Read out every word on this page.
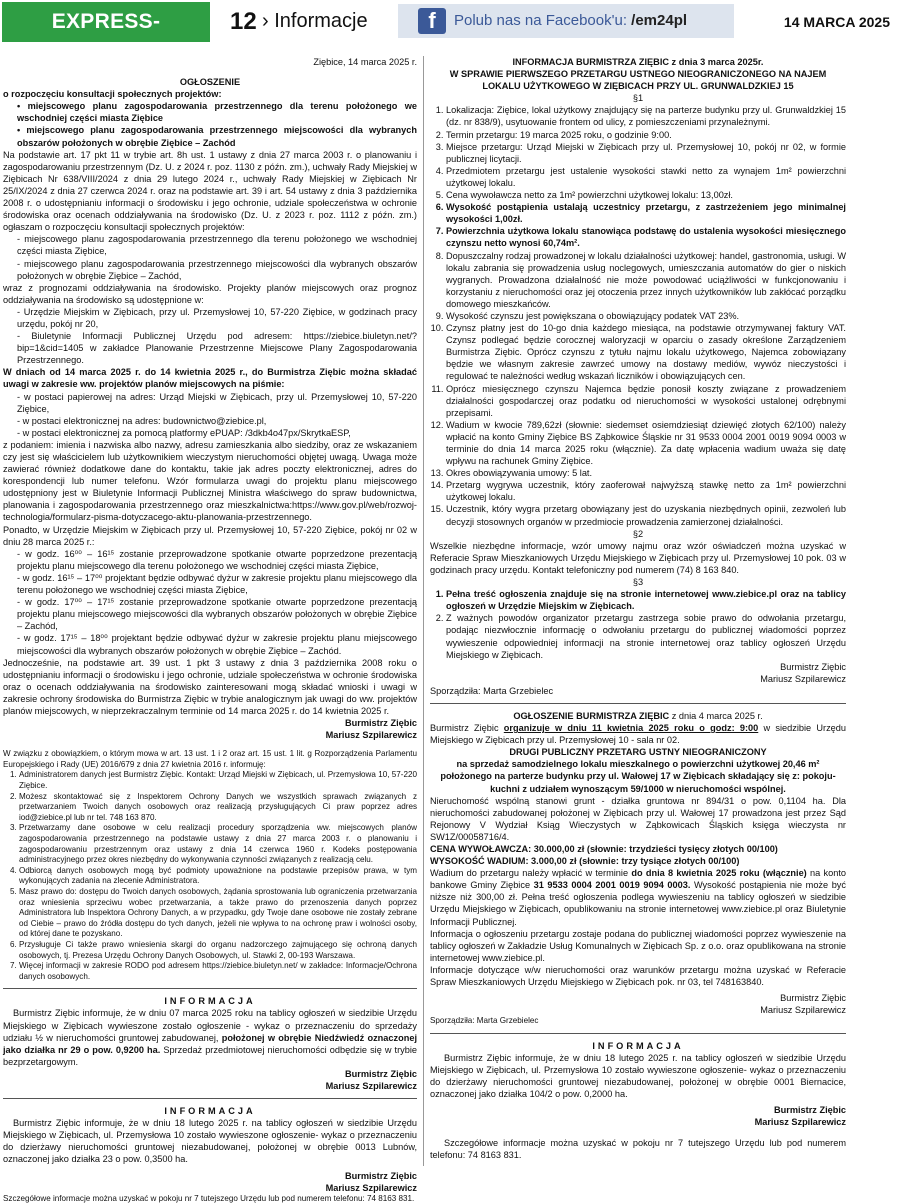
EXPRESS-MIEJSKI.PL
12 › Informacje	f	Polub nas na Facebook'u: /em24pl	14 MARCA 2025

Ziębice, 14 marca 2025 r.

OGŁOSZENIE

o rozpoczęciu konsultacji społecznych projektów:

• miejscowego planu zagospodarowania przestrzennego dla terenu położonego we wschodniej części miasta Ziębice

• miejscowego planu zagospodarowania przestrzennego miejscowości dla wybranych obszarów położonych w obrębie Ziębice – Zachód

Na podstawie art. 17 pkt 11 w trybie art. 8h ust. 1 ustawy z dnia 27 marca 2003 r. o planowaniu i zagospodarowaniu przestrzennym (Dz. U. z 2024 r. poz. 1130 z późn. zm.), uchwały Rady Miejskiej w Ziębicach Nr 638/VIII/2024 z dnia 29 lutego 2024 r., uchwały Rady Miejskiej w Ziębicach Nr 25/IX/2024 z dnia 27 czerwca 2024 r. oraz na podstawie art. 39 i art. 54 ustawy z dnia 3 października 2008 r. o udostępnianiu informacji o środowisku i jego ochronie, udziale społeczeństwa w ochronie środowiska oraz ocenach oddziaływania na środowisko (Dz. U. z 2023 r. poz. 1112 z późn. zm.) ogłaszam o rozpoczęciu konsultacji społecznych projektów:

- miejscowego planu zagospodarowania przestrzennego dla terenu położonego we wschodniej części miasta Ziębice,

- miejscowego planu zagospodarowania przestrzennego miejscowości dla wybranych obszarów położonych w obrębie Ziębice – Zachód,

wraz z prognozami oddziaływania na środowisko. Projekty planów miejscowych oraz prognoz oddziaływania na środowisko są udostępnione w:

- Urzędzie Miejskim w Ziębicach, przy ul. Przemysłowej 10, 57-220 Ziębice, w godzinach pracy urzędu, pokój nr 20,

- Biuletynie Informacji Publicznej Urzędu pod adresem: https://ziebice.biuletyn.net/?bip=1&cid=1405 w zakładce Planowanie Przestrzenne Miejscowe Plany Zagospodarowania Przestrzennego.

W dniach od 14 marca 2025 r. do 14 kwietnia 2025 r., do Burmistrza Ziębic można składać uwagi w zakresie ww. projektów planów miejscowych na piśmie:

- w postaci papierowej na adres: Urząd Miejski w Ziębicach, przy ul. Przemysłowej 10, 57-220 Ziębice,

- w postaci elektronicznej na adres: budownictwo@ziebice.pl,

- w postaci elektronicznej za pomocą platformy ePUAP: /3dkb4o47px/SkrytkaESP,

z podaniem: imienia i nazwiska albo nazwy, adresu zamieszkania albo siedziby, oraz ze wskazaniem czy jest się właścicielem lub użytkownikiem wieczystym nieruchomości objętej uwagą. Uwaga może zawierać również dodatkowe dane do kontaktu, takie jak adres poczty elektronicznej, adres do korespondencji lub numer telefonu. Wzór formularza uwagi do projektu planu miejscowego udostępniony jest w Biuletynie Informacji Publicznej Ministra właściwego do spraw budownictwa, planowania i zagospodarowania przestrzennego oraz mieszkalnictwa:https://www.gov.pl/web/rozwoj-technologia/formularz-pisma-dotyczacego-aktu-planowania-przestrzennego.

Ponadto, w Urzędzie Miejskim w Ziębicach przy ul. Przemysłowej 10, 57-220 Ziębice, pokój nr 02 w dniu 28 marca 2025 r.:

- w godz. 16⁰⁰ – 16¹⁵ zostanie przeprowadzone spotkanie otwarte poprzedzone prezentacją projektu planu miejscowego dla terenu położonego we wschodniej części miasta Ziębice,

- w godz. 16¹⁵ – 17⁰⁰ projektant będzie odbywać dyżur w zakresie projektu planu miejscowego dla terenu położonego we wschodniej części miasta Ziębice,

- w godz. 17⁰⁰ – 17¹⁵ zostanie przeprowadzone spotkanie otwarte poprzedzone prezentacją projektu planu miejscowego miejscowości dla wybranych obszarów położonych w obrębie Ziębice – Zachód,

- w godz. 17¹⁵ – 18⁰⁰ projektant będzie odbywać dyżur w zakresie projektu planu miejscowego miejscowości dla wybranych obszarów położonych w obrębie Ziębice – Zachód.

Jednocześnie, na podstawie art. 39 ust. 1 pkt 3 ustawy z dnia 3 października 2008 roku o udostępnianiu informacji o środowisku i jego ochronie, udziale społeczeństwa w ochronie środowiska oraz o ocenach oddziaływania na środowisko zainteresowani mogą składać wnioski i uwagi w zakresie ochrony środowiska do Burmistrza Ziębic w trybie analogicznym jak uwagi do ww. projektów planów miejscowych, w nieprzekraczalnym terminie od 14 marca 2025 r. do 14 kwietnia 2025 r.

Burmistrz Ziębic

Mariusz Szpilarewicz

W związku z obowiązkiem, o którym mowa w art. 13 ust. 1 i 2 oraz art. 15 ust. 1 lit. g Rozporządzenia Parlamentu Europejskiego i Rady (UE) 2016/679 z dnia 27 kwietnia 2016 r. informuję:

1. Administratorem danych jest Burmistrz Ziębic. Kontakt: Urząd Miejski w Ziębicach, ul. Przemysłowa 10, 57-220 Ziębice.
2. Możesz skontaktować się z Inspektorem Ochrony Danych we wszystkich sprawach związanych z przetwarzaniem Twoich danych osobowych oraz realizacją przysługujących Ci praw poprzez adres iod@ziebice.pl lub nr tel. 748 163 870.
3. Przetwarzamy dane osobowe w celu realizacji procedury sporządzenia ww. miejscowych planów zagospodarowania przestrzennego na podstawie ustawy z dnia 27 marca 2003 r. o planowaniu i zagospodarowaniu przestrzennym oraz ustawy z dnia 14 czerwca 1960 r. Kodeks postępowania administracyjnego przez okres niezbędny do wykonywania czynności związanych z realizacją celu.
4. Odbiorcą danych osobowych mogą być podmioty upoważnione na podstawie przepisów prawa, w tym wykonujących zadania na zlecenie Administratora.
5. Masz prawo do: dostępu do Twoich danych osobowych, żądania sprostowania lub ograniczenia przetwarzania oraz wniesienia sprzeciwu wobec przetwarzania, a także prawo do przenoszenia danych poprzez Administratora lub Inspektora Ochrony Danych, a w przypadku, gdy Twoje dane osobowe nie zostały zebrane od Ciebie – prawo do źródła dostępu do tych danych, jeżeli nie wpływa to na ochronę praw i wolności osoby, od której dane te pozyskano.
6. Przysługuje Ci także prawo wniesienia skargi do organu nadzorczego zajmującego się ochroną danych osobowych, tj. Prezesa Urzędu Ochrony Danych Osobowych, ul. Stawki 2, 00-193 Warszawa.
7. Więcej informacji w zakresie RODO pod adresem https://ziebice.biuletyn.net/ w zakładce: Informacje/Ochrona danych osobowych.

INFORMACJA

Burmistrz Ziębic informuje, że w dniu 07 marca 2025 roku na tablicy ogłoszeń w siedzibie Urzędu Miejskiego w Ziębicach wywieszone zostało ogłoszenie - wykaz o przeznaczeniu do sprzedaży udziału ½ w nieruchomości gruntowej zabudowanej, położonej w obrębie Niedźwiedź oznaczonej jako działka nr 29 o pow. 0,9200 ha. Sprzedaż przedmiotowej nieruchomości odbędzie się w trybie bezprzetargowym.

Burmistrz Ziębic

Mariusz Szpilarewicz

INFORMACJA

Burmistrz Ziębic informuje, że w dniu 18 lutego 2025 r. na tablicy ogłoszeń w siedzibie Urzędu Miejskiego w Ziębicach, ul. Przemysłowa 10 zostało wywieszone ogłoszenie- wykaz o przeznaczeniu do dzierżawy nieruchomości gruntowej niezabudowanej, położonej w obrębie 0013 Lubnów, oznaczonej jako działka 23 o pow. 0,3500 ha.

Burmistrz Ziębic

Mariusz Szpilarewicz

Szczegółowe informacje można uzyskać w pokoju nr 7 tutejszego Urzędu lub pod numerem telefonu: 74 8163 831.

INFORMACJA BURMISTRZA ZIĘBIC z dnia 3 marca 2025r.

W SPRAWIE PIERWSZEGO PRZETARGU USTNEGO NIEOGRANICZONEGO NA NAJEM LOKALU UŻYTKOWEGO W ZIĘBICACH PRZY UL. GRUNWALDZKIEJ 15

§1

1. Lokalizacja: Ziębice, lokal użytkowy znajdujący się na parterze budynku przy ul. Grunwaldzkiej 15 (dz. nr 838/9), usytuowanie frontem od ulicy, z pomieszczeniami przynależnymi.
2. Termin przetargu: 19 marca 2025 roku, o godzinie 9:00.
3. Miejsce przetargu: Urząd Miejski w Ziębicach przy ul. Przemysłowej 10, pokój nr 02, w formie publicznej licytacji.
4. Przedmiotem przetargu jest ustalenie wysokości stawki netto za wynajem 1m² powierzchni użytkowej lokalu.
5. Cena wywoławcza netto za 1m² powierzchni użytkowej lokalu: 13,00zł.
6. Wysokość postąpienia ustalają uczestnicy przetargu, z zastrzeżeniem jego minimalnej wysokości 1,00zł.
7. Powierzchnia użytkowa lokalu stanowiąca podstawę do ustalenia wysokości miesięcznego czynszu netto wynosi 60,74m².
8. Dopuszczalny rodzaj prowadzonej w lokalu działalności użytkowej: handel, gastronomia, usługi. W lokalu zabrania się prowadzenia usług noclegowych, umieszczania automatów do gier o niskich wygranych. Prowadzona działalność nie może powodować uciążliwości w funkcjonowaniu i korzystaniu z nieruchomości oraz jej otoczenia przez innych użytkowników lub zakłócać porządku domowego mieszkańców.
9. Wysokość czynszu jest powiększana o obowiązujący podatek VAT 23%.
10. Czynsz płatny jest do 10-go dnia każdego miesiąca, na podstawie otrzymywanej faktury VAT. Czynsz podlegać będzie corocznej waloryzacji w oparciu o zasady określone Zarządzeniem Burmistrza Ziębic. Oprócz czynszu z tytułu najmu lokalu użytkowego, Najemca zobowiązany będzie we własnym zakresie zawrzeć umowy na dostawy mediów, wywóz nieczystości i regulować te należności według wskazań liczników i obowiązujących cen.
11. Oprócz miesięcznego czynszu Najemca będzie ponosił koszty związane z prowadzeniem działalności gospodarczej oraz podatku od nieruchomości w wysokości ustalonej odrębnymi przepisami.
12. Wadium w kwocie 789,62zł (słownie: siedemset osiemdziesiąt dziewięć złotych 62/100) należy wpłacić na konto Gminy Ziębice BS Ząbkowice Śląskie nr 31 9533 0004 2001 0019 9094 0003 w terminie do dnia 14 marca 2025 roku (włącznie). Za datę wpłacenia wadium uważa się datę wpływu na rachunek Gminy Ziębice.
13. Okres obowiązywania umowy: 5 lat.
14. Przetarg wygrywa uczestnik, który zaoferował najwyższą stawkę netto za 1m² powierzchni użytkowej lokalu.
15. Uczestnik, który wygra przetarg obowiązany jest do uzyskania niezbędnych opinii, zezwoleń lub decyzji stosownych organów w przedmiocie prowadzenia zamierzonej działalności.

§2

Wszelkie niezbędne informacje, wzór umowy najmu oraz wzór oświadczeń można uzyskać w Referacie Spraw Mieszkaniowych Urzędu Miejskiego w Ziębicach przy ul. Przemysłowej 10 pok. 03 w godzinach pracy urzędu. Kontakt telefoniczny pod numerem (74) 8 163 840.

§3

1. Pełna treść ogłoszenia znajduje się na stronie internetowej www.ziebice.pl oraz na tablicy ogłoszeń w Urzędzie Miejskim w Ziębicach.
2. Z ważnych powodów organizator przetargu zastrzega sobie prawo do odwołania przetargu, podając niezwłocznie informację o odwołaniu przetargu do publicznej wiadomości poprzez wywieszenie odpowiedniej informacji na stronie internetowej oraz tablicy ogłoszeń Urzędu Miejskiego w Ziębicach.

Burmistrz Ziębic

Mariusz Szpilarewicz

Sporządziła: Marta Grzebielec

OGŁOSZENIE BURMISTRZA ZIĘBIC z dnia 4 marca 2025 r.

Burmistrz Ziębic organizuje w dniu 11 kwietnia 2025 roku o godz: 9:00 w siedzibie Urzędu Miejskiego w Ziębicach przy ul. Przemysłowej 10 - sala nr 02.

DRUGI PUBLICZNY PRZETARG USTNY NIEOGRANICZONY

na sprzedaż samodzielnego lokalu mieszkalnego o powierzchni użytkowej 20,46 m² położonego na parterze budynku przy ul. Wałowej 17 w Ziębicach składający się z: pokoju-kuchni z udziałem wynoszącym 59/1000 w nieruchomości wspólnej.

Nieruchomość wspólną stanowi grunt - działka gruntowa nr 894/31 o pow. 0,1104 ha. Dla nieruchomości zabudowanej położonej w Ziębicach przy ul. Wałowej 17 prowadzona jest przez Sąd Rejonowy V Wydział Ksiąg Wieczystych w Ząbkowicach Śląskich księga wieczysta nr SW1Z/00058716/4.

CENA WYWOŁAWCZA: 30.000,00 zł (słownie: trzydzieści tysięcy złotych 00/100)

WYSOKOŚĆ WADIUM: 3.000,00 zł (słownie: trzy tysiące złotych 00/100)

Wadium do przetargu należy wpłacić w terminie do dnia 8 kwietnia 2025 roku (włącznie) na konto bankowe Gminy Ziębice 31 9533 0004 2001 0019 9094 0003. Wysokość postąpienia nie może być niższe niż 300,00 zł. Pełna treść ogłoszenia podlega wywieszeniu na tablicy ogłoszeń w siedzibie Urzędu Miejskiego w Ziębicach, opublikowaniu na stronie internetowej www.ziebice.pl oraz Biuletynie Informacji Publicznej.

Informacja o ogłoszeniu przetargu zostaje podana do publicznej wiadomości poprzez wywieszenie na tablicy ogłoszeń w Zakładzie Usług Komunalnych w Ziębicach Sp. z o.o. oraz opublikowana na stronie internetowej www.ziebice.pl.

Informacje dotyczące w/w nieruchomości oraz warunków przetargu można uzyskać w Referacie Spraw Mieszkaniowych Urzędu Miejskiego w Ziębicach pok. nr 03, tel 748163840.

Burmistrz Ziębic

Mariusz Szpilarewicz

Sporządziła: Marta Grzebielec

INFORMACJA

Burmistrz Ziębic informuje, że w dniu 18 lutego 2025 r. na tablicy ogłoszeń w siedzibie Urzędu Miejskiego w Ziębicach, ul. Przemysłowa 10 zostało wywieszone ogłoszenie- wykaz o przeznaczeniu do dzierżawy nieruchomości gruntowej niezabudowanej, położonej w obrębie 0001 Biernacice, oznaczonej jako działka 104/2 o pow. 0,2000 ha.

Burmistrz Ziębic

Mariusz Szpilarewicz

Szczegółowe informacje można uzyskać w pokoju nr 7 tutejszego Urzędu lub pod numerem telefonu: 74 8163 831.
